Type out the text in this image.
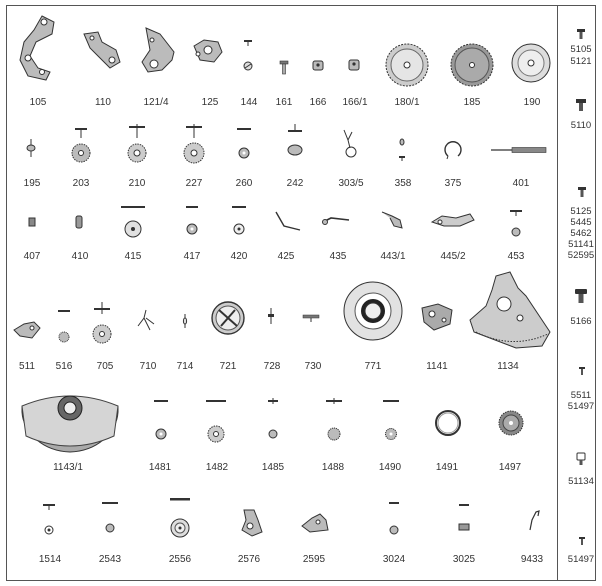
105	110	121/4	125 144 161 166 166/1	180/1	185	190
195	203	210	227	260	242	303/5	358	375	401
407	410	415	417	420	425	435	443/1	445/2	453
511 516 705	710 714	721	728 730	771	1141	1134
1143/1	1481	1482	1485	1488	1490	1491	1497
1514	2543	2556	2576	2595	3024	3025	9433
5105
5121
5110
5125
5445
5462
51141
52595
5166
5511
51497
51134
51497
